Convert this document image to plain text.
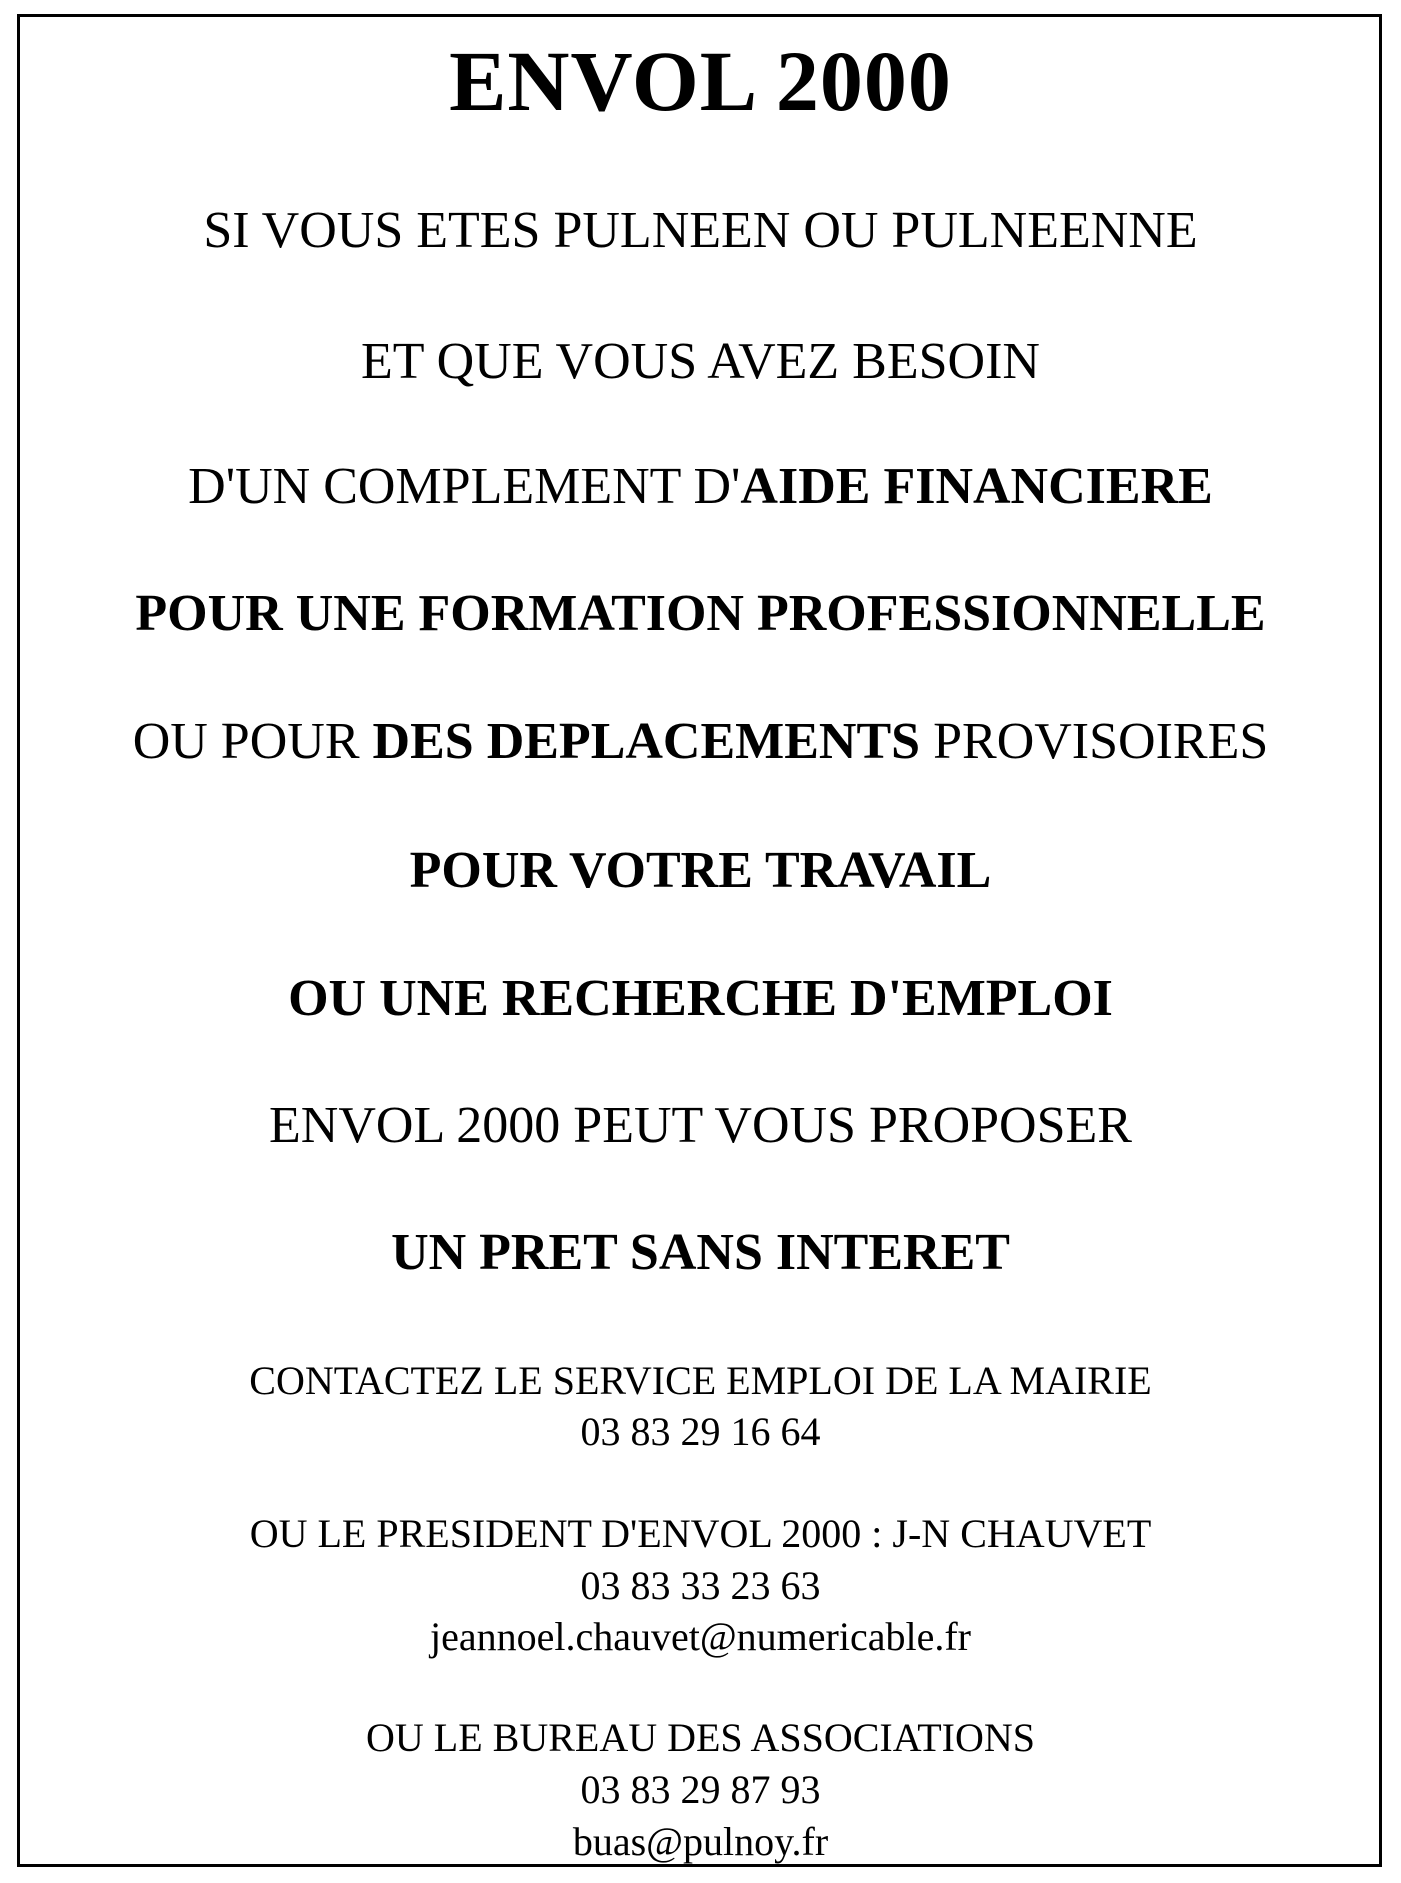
ENVOL 2000
SI VOUS ETES PULNEEN OU PULNEENNE
ET QUE VOUS AVEZ BESOIN
D'UN COMPLEMENT D'AIDE FINANCIERE
POUR UNE FORMATION PROFESSIONNELLE
OU POUR DES DEPLACEMENTS PROVISOIRES
POUR VOTRE TRAVAIL
OU UNE RECHERCHE D'EMPLOI
ENVOL 2000 PEUT VOUS PROPOSER
UN PRET SANS INTERET
CONTACTEZ LE SERVICE EMPLOI DE LA MAIRIE
03 83 29 16 64
OU LE PRESIDENT D'ENVOL 2000 : J-N CHAUVET
03 83 33 23 63
jeannoel.chauvet@numericable.fr
OU LE BUREAU DES ASSOCIATIONS
03 83 29 87 93
buas@pulnoy.fr
